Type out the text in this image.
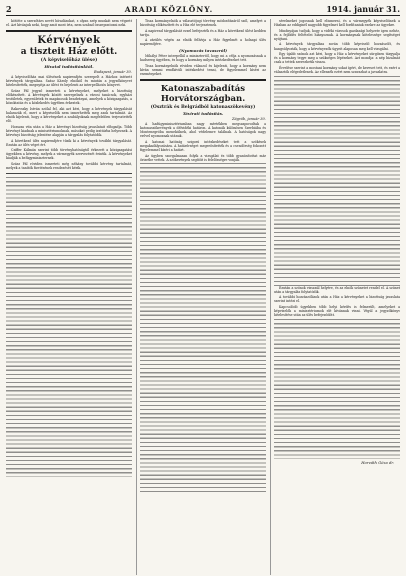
2	ARADI KÖZLÖNY.	1914. január 31.

kötötte a szerzőtárs nevét híradásokat, s olyan szép munkát nem végzett el. Azt kívánjuk neki, hogy amit most írta, nem szabad összepontozni neki.

Kérvények
a tiszteit Ház előtt.
(A képviselőház ülése)
Hivatal tudósítónktól.
Budapest, január 30.

A képviselőház mai ülésének napirendjén szerepelt a Házhoz intézett kérvények tárgyalása. Szász Károly elnököl és miután a jegyzőkönyvet hitelesítették, megnyitja az ülést és bejelenti az interpellációs könyvet.

Szász Pál jegyző ismerteti a kérvényeket, melyeket a bizottság előkészített. A kérvények között szerepelnek a városi tanácsok, egyházi testületek, egyesületek és magánosok beadványai, amelyek a közigazgatás, a közoktatás és a közlekedés ügyében érkeztek.

Rakovszky István szólal fel, aki azt kéri, hogy a kérvények tárgyalását halasszák el, mert a képviselők nem ismerhették meg azok tartalmát. Az elnök kijelenti, hogy a kérvényeket a szabályoknak megfelelően terjesztették elő.

Hosszas vita után a Ház a kérvényi bizottság javaslatait elfogadja. Több kérvényt kiadnak a minisztériumoknak, másokat pedig irattárba helyeznek. A kérvényi bizottság jelentése alapján a tárgyalás folytatódik.

A következő ülés napirendjére tűzik ki a kérvények további tárgyalását. Ezután az ülés véget ért.

Cziffer Kálmán szerint több törvényhatóságtól érkezett a közigazgatási ügyekben a kérvény, melyek a vármegyék szervezését érintik. A kérvényeket kiadják a belügyminiszternek.

Szász Pál röviden ismerteti még néhány további kérvény tartalmát, melyek a tanítók fizetésének rendezését kérik.

Tisza kormányelnök a választójogi törvény módosításáról szól, amelyet a bizottság előkészített és a Ház elé terjesztenek.

A napirend tárgyalását ezzel befejezték és a Ház a következő ülést kedden tartja.

A zárülés végén az elnök felhívja a Ház figyelmét a holnapi ülés napirendjére.

(Nyomozás tavaszról)

Mihályi Péter interpellál a minisztertől, hogy mi a célja a nyomozásnak a hadsereg ügyében, és hogy a kormány milyen intézkedéseket tett.

Tisza kormányelnök röviden válaszol és kijelenti, hogy a kormány nem kíván semmi rendkívüli intézkedést tenni, de figyelemmel kíséri az eseményeket.

Katonaszabadítás
Horvátországban.
(Osztrák és Belgrádból katonaszökevény)
Távirati tudósítás.
Zágráb, január 30.

A hadügyminisztériumban nagy mértékben megszaporodtak a katonaszökevények a délvidéki határon. A katonák különösen Szerbiába és Montenegróba menekülnek, ahol védelemre találnak. A hatóságok nagy erővel nyomoznak utánuk.

A katonai hatóság szigorú intézkedéseket tett a szökések megakadályozására. A határőrséget megerősítették és a csendőrség fokozott figyelemmel kíséri a határt.

Az ügyben szorgalmasan folyik a vizsgálat és több gyanúsítottat már őrizetbe vettek. A szökevények segítőit is felelősségre vonják.

sérelmeket jogosnak kell elismerni, és a vármegyék képviselőinek a Házban az eddiginél nagyobb figyelmet kell fordítaniuk ezekre az ügyekre.

Mindnyájan tudjuk, hogy a vidéki városok gazdasági helyzete igen nehéz, és a fejlődés feltételei hiányoznak. A kormánynak kötelessége segítséget nyújtani.

A kérvények tárgyalása során több képviselő hozzászólt, és hangsúlyozták, hogy a kérvényezők ügyeit alaposan meg kell vizsgálni.

Egy újabb szónok azt kéri, hogy a Ház a kérvényeket sürgősen tárgyalja és a kormány tegye meg a szükséges lépéseket. Azt mondja: a nép bizalmát csak a tettek szerezhetik vissza.

Érvelése szerint a mostani kormány sokat ígért, de keveset tett, és ezért a választók elégedetlenek. Az ellenzék ezért nem szavazhat a javaslatra.

Ezután a szónok visszaül helyére, és az elnök szünetet rendel el. A szünet után a tárgyalás folytatódik.

A további hozzászólások után a Ház a kérvényeket a bizottság javaslata szerint intézi el.

Kapcsolódó ügyekben több helyi kérdés is felmerült, amelyeket a képviselők a minisztériumok elé kívánnak vinni. Végül a jegyzőkönyv hitelesítése után az ülés befejeződött.

Horváth Géza dr.
